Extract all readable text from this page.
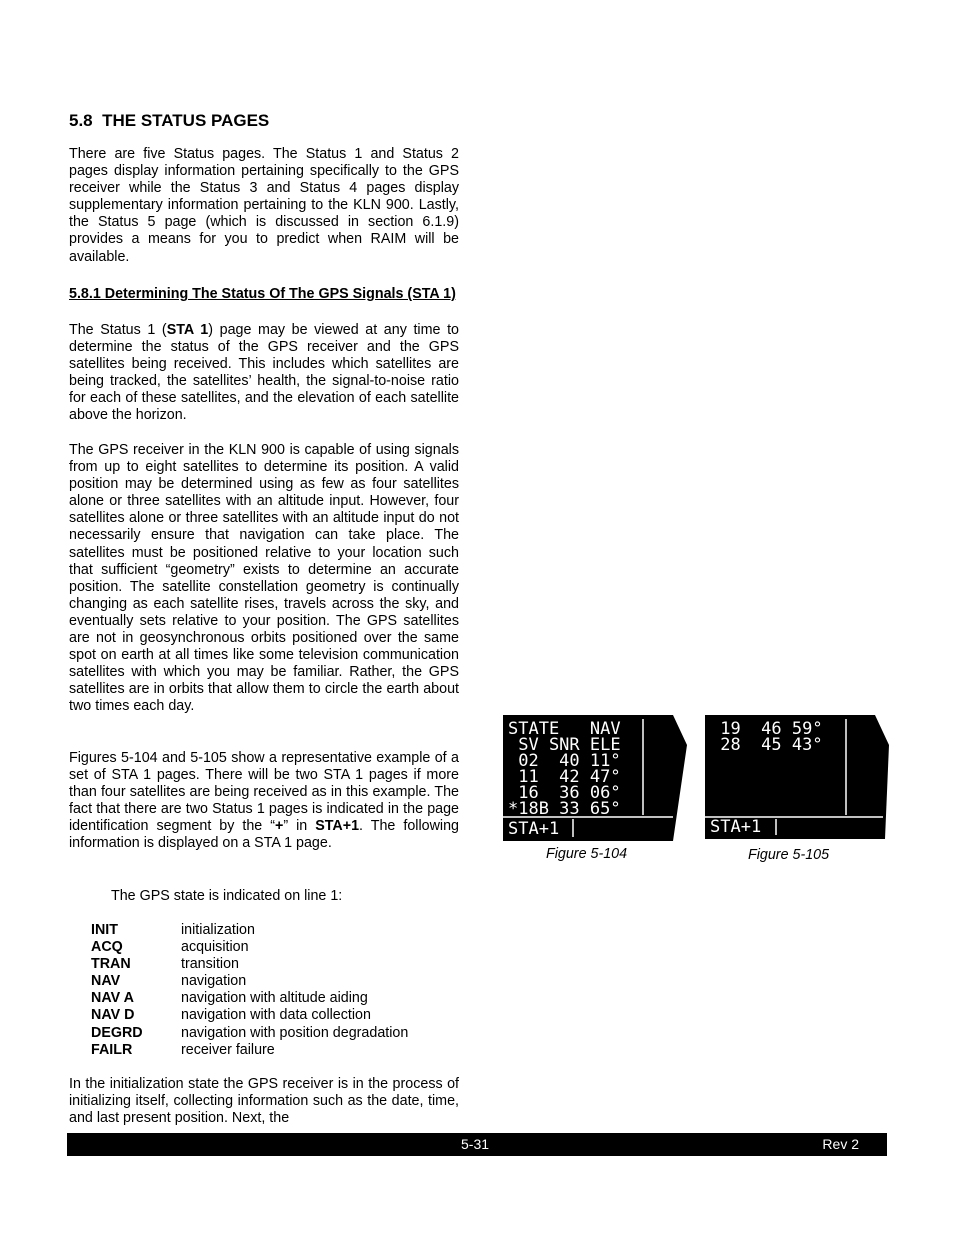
5.8 THE STATUS PAGES

There are five Status pages. The Status 1 and Status 2 pages display information pertaining specifically to the GPS receiver while the Status 3 and Status 4 pages display supplementary information pertaining to the KLN 900. Lastly, the Status 5 page (which is discussed in section 6.1.9) provides a means for you to predict when RAIM will be available.

5.8.1 Determining The Status Of The GPS Signals (STA 1)

The Status 1 (STA 1) page may be viewed at any time to determine the status of the GPS receiver and the GPS satellites being received. This includes which satellites are being tracked, the satellites’ health, the signal-to-noise ratio for each of these satellites, and the elevation of each satellite above the horizon.

The GPS receiver in the KLN 900 is capable of using signals from up to eight satellites to determine its position. A valid position may be determined using as few as four satellites alone or three satellites with an altitude input. However, four satellites alone or three satellites with an altitude input do not necessarily ensure that navigation can take place. The satellites must be positioned relative to your location such that sufficient “geometry” exists to determine an accurate position. The satellite constellation geometry is continually changing as each satellite rises, travels across the sky, and eventually sets relative to your position. The GPS satellites are not in geosynchronous orbits positioned over the same spot on earth at all times like some television communication satellites with which you may be familiar. Rather, the GPS satellites are in orbits that allow them to circle the earth about two times each day.

Figures 5-104 and 5-105 show a representative example of a set of STA 1 pages. There will be two STA 1 pages if more than four satellites are being received as in this example. The fact that there are two Status 1 pages is indicated in the page identification segment by the “+” in STA+1. The following information is displayed on a STA 1 page.

The GPS state is indicated on line 1:
INIT	initialization
ACQ	acquisition
TRAN	transition
NAV	navigation
NAV A	navigation with altitude aiding
NAV D	navigation with data collection
DEGRD	navigation with position degradation
FAILR	receiver failure

In the initialization state the GPS receiver is in the process of initializing itself, collecting information such as the date, time, and last present position. Next, the

STATE   NAV
SV SNR ELE
02  40 11°
11  42 47°
16  36 06°
*18B 33 65°
STA+1
Figure 5-104
19  46 59°
28  45 43°
STA+1
Figure 5-105
5-31	Rev 2
